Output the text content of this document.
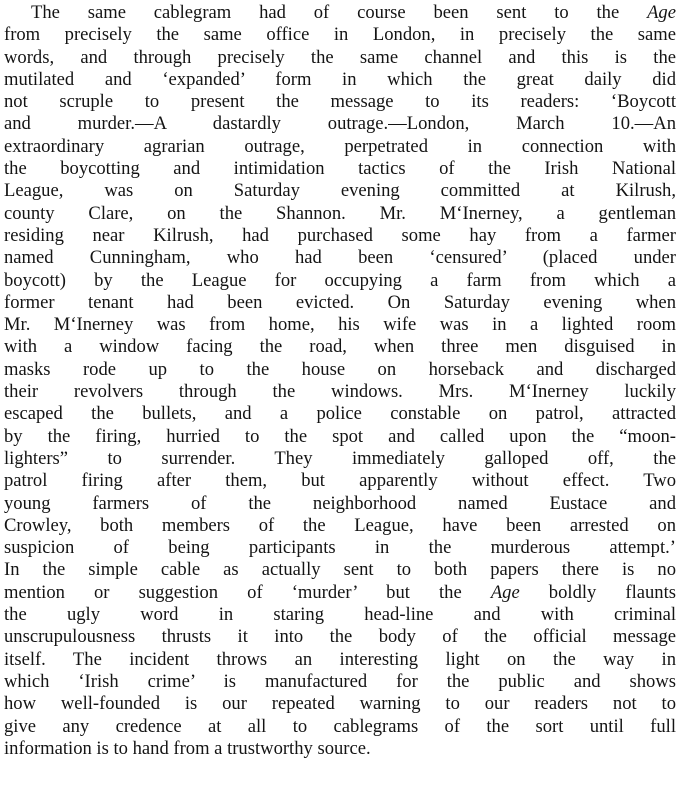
The same cablegram had of course been sent to the Age
from precisely the same office in London, in precisely the same
words, and through precisely the same channel and this is the
mutilated and ‘expanded’ form in which the great daily did
not scruple to present the message to its readers: ‘Boycott
and murder.—A dastardly outrage.—London, March 10.—An
extraordinary agrarian outrage, perpetrated in connection with
the boycotting and intimidation tactics of the Irish National
League, was on Saturday evening committed at Kilrush,
county Clare, on the Shannon. Mr. M‘Inerney, a gentleman
residing near Kilrush, had purchased some hay from a farmer
named Cunningham, who had been ‘censured’ (placed under
boycott) by the League for occupying a farm from which a
former tenant had been evicted. On Saturday evening when
Mr. M‘Inerney was from home, his wife was in a lighted room
with a window facing the road, when three men disguised in
masks rode up to the house on horseback and discharged
their revolvers through the windows. Mrs. M‘Inerney luckily
escaped the bullets, and a police constable on patrol, attracted
by the firing, hurried to the spot and called upon the “moon-
lighters” to surrender. They immediately galloped off, the
patrol firing after them, but apparently without effect. Two
young farmers of the neighborhood named Eustace and
Crowley, both members of the League, have been arrested on
suspicion of being participants in the murderous attempt.’
In the simple cable as actually sent to both papers there is no
mention or suggestion of ‘murder’ but the Age boldly flaunts
the ugly word in staring head-line and with criminal
unscrupulousness thrusts it into the body of the official message
itself. The incident throws an interesting light on the way in
which ‘Irish crime’ is manufactured for the public and shows
how well-founded is our repeated warning to our readers not to
give any credence at all to cablegrams of the sort until full
information is to hand from a trustworthy source.
